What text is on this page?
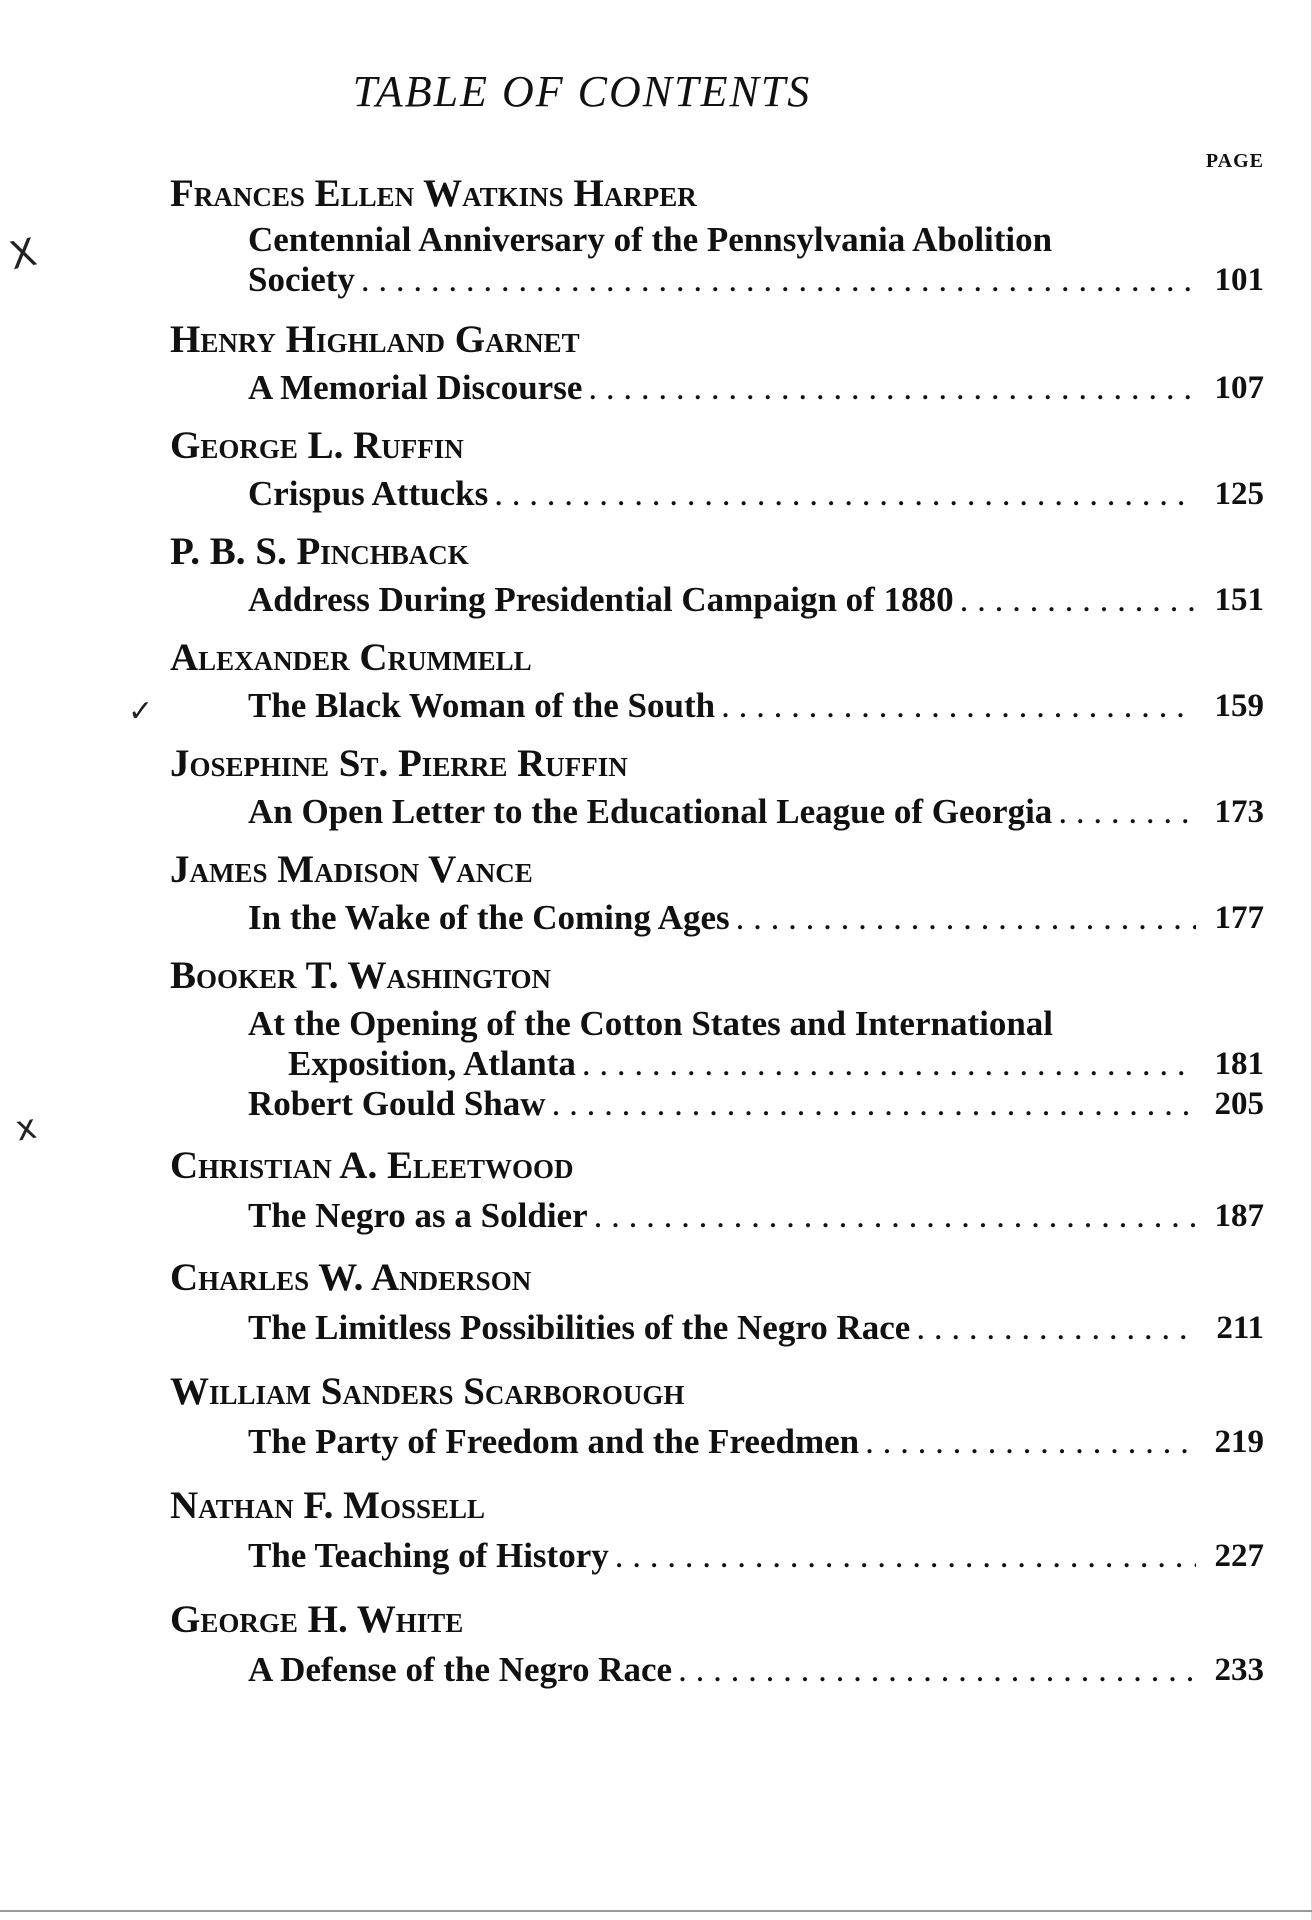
TABLE OF CONTENTS
PAGE
X
✓
x
Frances Ellen Watkins Harper
Centennial Anniversary of the Pennsylvania Abolition
Society . . .	101
Henry Highland Garnet
A Memorial Discourse . . .	107
George L. Ruffin
Crispus Attucks . . .	125
P. B. S. Pinchback
Address During Presidential Campaign of 1880 . . .	151
Alexander Crummell
The Black Woman of the South . . .	159
Josephine St. Pierre Ruffin
An Open Letter to the Educational League of Georgia . . .	173
James Madison Vance
In the Wake of the Coming Ages . . .	177
Booker T. Washington
At the Opening of the Cotton States and International
Exposition, Atlanta . . .	181
Robert Gould Shaw . . .	205
Christian A. Eleetwood
The Negro as a Soldier . . .	187
Charles W. Anderson
The Limitless Possibilities of the Negro Race . . .	211
William Sanders Scarborough
The Party of Freedom and the Freedmen . . .	219
Nathan F. Mossell
The Teaching of History . . .	227
George H. White
A Defense of the Negro Race . . .	233
